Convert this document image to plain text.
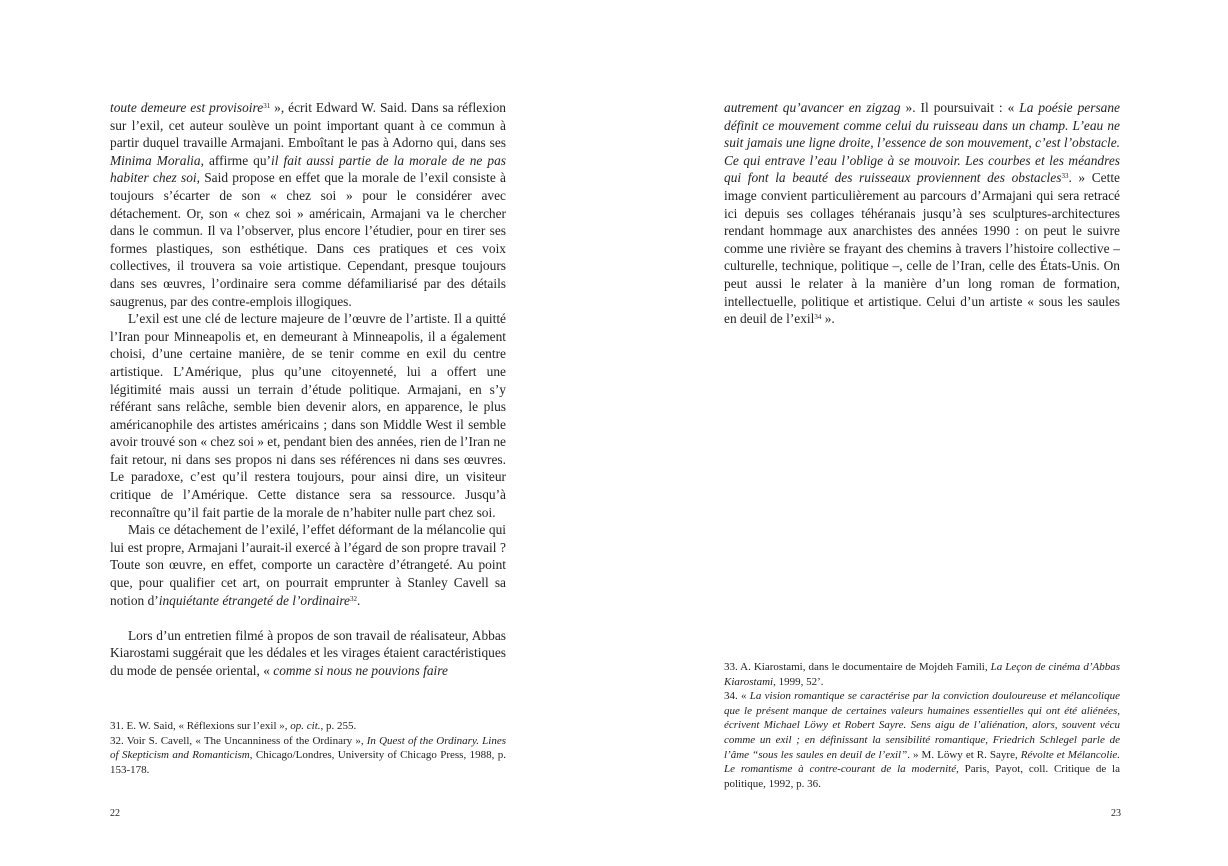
toute demeure est provisoire$^{31}$ », écrit Edward W. Said. Dans sa réflexion sur l’exil, cet auteur soulève un point important quant à ce commun à partir duquel travaille Armajani. Emboîtant le pas à Adorno qui, dans ses Minima Moralia, affirme qu’il fait aussi partie de la morale de ne pas habiter chez soi, Said propose en effet que la morale de l’exil consiste à toujours s’écarter de son « chez soi » pour le considérer avec détachement. Or, son « chez soi » américain, Armajani va le chercher dans le commun. Il va l’observer, plus encore l’étudier, pour en tirer ses formes plastiques, son esthétique. Dans ces pratiques et ces voix collectives, il trouvera sa voie artistique. Cependant, presque toujours dans ses œuvres, l’ordinaire sera comme défamiliarisé par des détails saugrenus, par des contre-emplois illogiques.

L’exil est une clé de lecture majeure de l’œuvre de l’artiste. Il a quitté l’Iran pour Minneapolis et, en demeurant à Minneapolis, il a également choisi, d’une certaine manière, de se tenir comme en exil du centre artistique. L’Amérique, plus qu’une citoyenneté, lui a offert une légitimité mais aussi un terrain d’étude politique. Armajani, en s’y référant sans relâche, semble bien devenir alors, en apparence, le plus américanophile des artistes américains ; dans son Middle West il semble avoir trouvé son « chez soi » et, pendant bien des années, rien de l’Iran ne fait retour, ni dans ses propos ni dans ses références ni dans ses œuvres. Le paradoxe, c’est qu’il restera toujours, pour ainsi dire, un visiteur critique de l’Amérique. Cette distance sera sa ressource. Jusqu’à reconnaître qu’il fait partie de la morale de n’habiter nulle part chez soi.

Mais ce détachement de l’exilé, l’effet déformant de la mélancolie qui lui est propre, Armajani l’aurait-il exercé à l’égard de son propre travail ? Toute son œuvre, en effet, comporte un caractère d’étrangeté. Au point que, pour qualifier cet art, on pourrait emprunter à Stanley Cavell sa notion d’inquiétante étrangeté de l’ordinaire$^{32}$.

Lors d’un entretien filmé à propos de son travail de réalisateur, Abbas Kiarostami suggérait que les dédales et les virages étaient caractéristiques du mode de pensée oriental, « comme si nous ne pouvions faire

31. E. W. Said, « Réflexions sur l’exil », op. cit., p. 255.

32. Voir S. Cavell, « The Uncanniness of the Ordinary », In Quest of the Ordinary. Lines of Skepticism and Romanticism, Chicago/Londres, University of Chicago Press, 1988, p. 153-178.

22

autrement qu’avancer en zigzag ». Il poursuivait : « La poésie persane définit ce mouvement comme celui du ruisseau dans un champ. L’eau ne suit jamais une ligne droite, l’essence de son mouvement, c’est l’obstacle. Ce qui entrave l’eau l’oblige à se mouvoir. Les courbes et les méandres qui font la beauté des ruisseaux proviennent des obstacles$^{33}$. » Cette image convient particulièrement au parcours d’Armajani qui sera retracé ici depuis ses collages téhéranais jusqu’à ses sculptures-architectures rendant hommage aux anarchistes des années 1990 : on peut le suivre comme une rivière se frayant des chemins à travers l’histoire collective – culturelle, technique, politique –, celle de l’Iran, celle des États-Unis. On peut aussi le relater à la manière d’un long roman de formation, intellectuelle, politique et artistique. Celui d’un artiste « sous les saules en deuil de l’exil$^{34}$ ».

33. A. Kiarostami, dans le documentaire de Mojdeh Famili, La Leçon de cinéma d’Abbas Kiarostami, 1999, 52’.

34. « La vision romantique se caractérise par la conviction douloureuse et mélancolique que le présent manque de certaines valeurs humaines essentielles qui ont été aliénées, écrivent Michael Löwy et Robert Sayre. Sens aigu de l’aliénation, alors, souvent vécu comme un exil ; en définissant la sensibilité romantique, Friedrich Schlegel parle de l’âme “sous les saules en deuil de l’exil”. » M. Löwy et R. Sayre, Révolte et Mélancolie. Le romantisme à contre-courant de la modernité, Paris, Payot, coll. Critique de la politique, 1992, p. 36.

23
